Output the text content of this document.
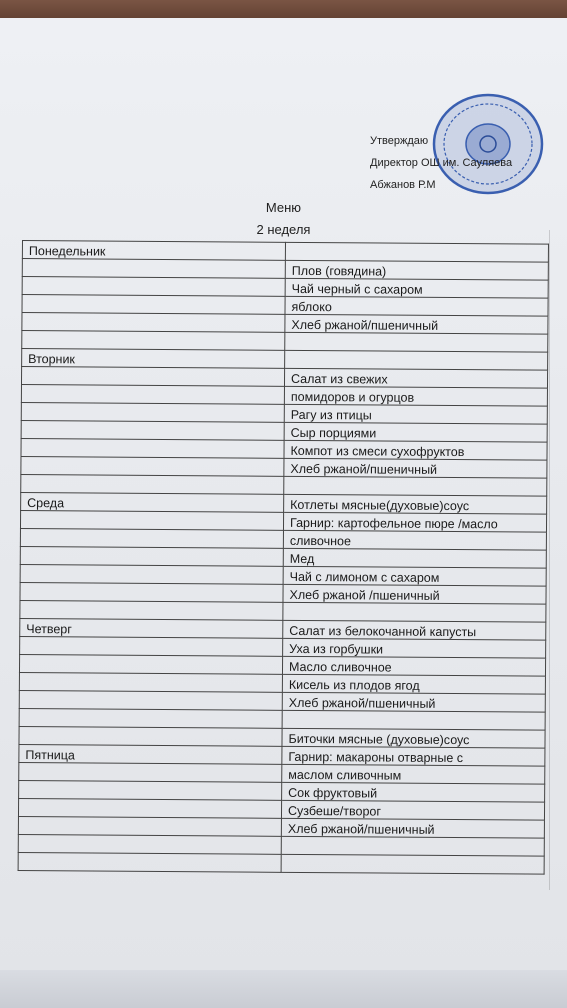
Утверждаю
Директор ОШ им. Сауляева
Абжанов Р.М
Меню
2 неделя
Понедельник	
	Плов (говядина)
	Чай черный с сахаром
	яблоко
	Хлеб ржаной/пшеничный

Вторник	
	Салат из свежих
	помидоров и огурцов
	Рагу из птицы
	Сыр порциями
	Компот из смеси сухофруктов
	Хлеб ржаной/пшеничный

Среда	Котлеты мясные(духовые)соус
	Гарнир: картофельное пюре /масло
	сливочное
	Мед
	Чай с лимоном с сахаром
	Хлеб ржаной /пшеничный

Четверг	Салат из белокочанной капусты
	Уха из горбушки
	Масло сливочное
	Кисель из плодов ягод
	Хлеб ржаной/пшеничный

	Биточки мясные (духовые)соус
Пятница	Гарнир: макароны отварные с
	маслом сливочным
	Сок фруктовый
	Сузбеше/творог
	Хлеб ржаной/пшеничный
